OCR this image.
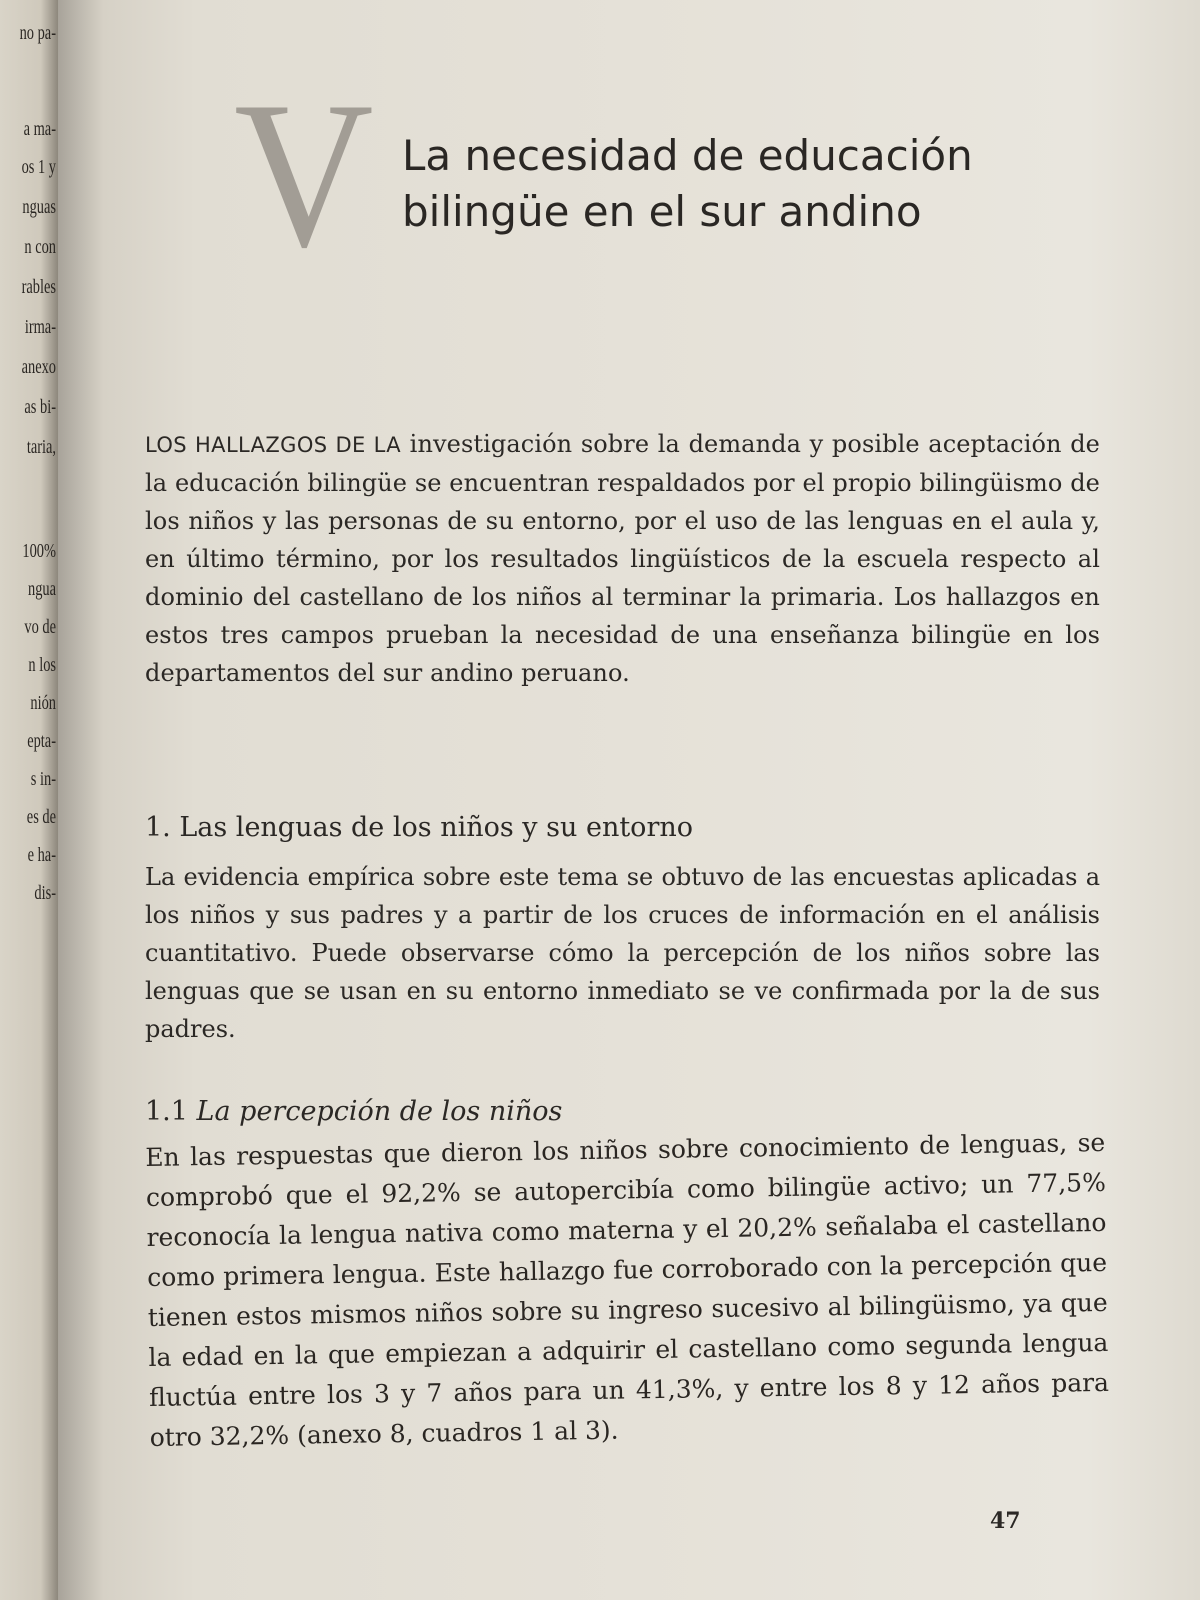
no pa-
a ma-
os 1 y
nguas
n con
rables
irma-
anexo
as bi-
taria,
100%
ngua
vo de
n los
nión
epta-
s in-
es de
e ha-
dis-
V La necesidad de educación
bilingüe en el sur andino
LOS HALLAZGOS DE LA investigación sobre la demanda y posible aceptación de la educación bilingüe se encuentran respaldados por el propio bilingüismo de los niños y las personas de su entorno, por el uso de las lenguas en el aula y, en último término, por los resultados lingüísticos de la escuela respecto al dominio del castellano de los niños al terminar la primaria. Los hallazgos en estos tres campos prueban la necesidad de una enseñanza bilingüe en los departamentos del sur andino peruano.
1. Las lenguas de los niños y su entorno
La evidencia empírica sobre este tema se obtuvo de las encuestas aplicadas a los niños y sus padres y a partir de los cruces de información en el análisis cuantitativo. Puede observarse cómo la percepción de los niños sobre las lenguas que se usan en su entorno inmediato se ve confirmada por la de sus padres.
1.1 La percepción de los niños
En las respuestas que dieron los niños sobre conocimiento de lenguas, se comprobó que el 92,2% se autopercibía como bilingüe activo; un 77,5% reconocía la lengua nativa como materna y el 20,2% señalaba el castellano como primera lengua. Este hallazgo fue corroborado con la percepción que tienen estos mismos niños sobre su ingreso sucesivo al bilingüismo, ya que la edad en la que empiezan a adquirir el castellano como segunda lengua fluctúa entre los 3 y 7 años para un 41,3%, y entre los 8 y 12 años para otro 32,2% (anexo 8, cuadros 1 al 3).
47
